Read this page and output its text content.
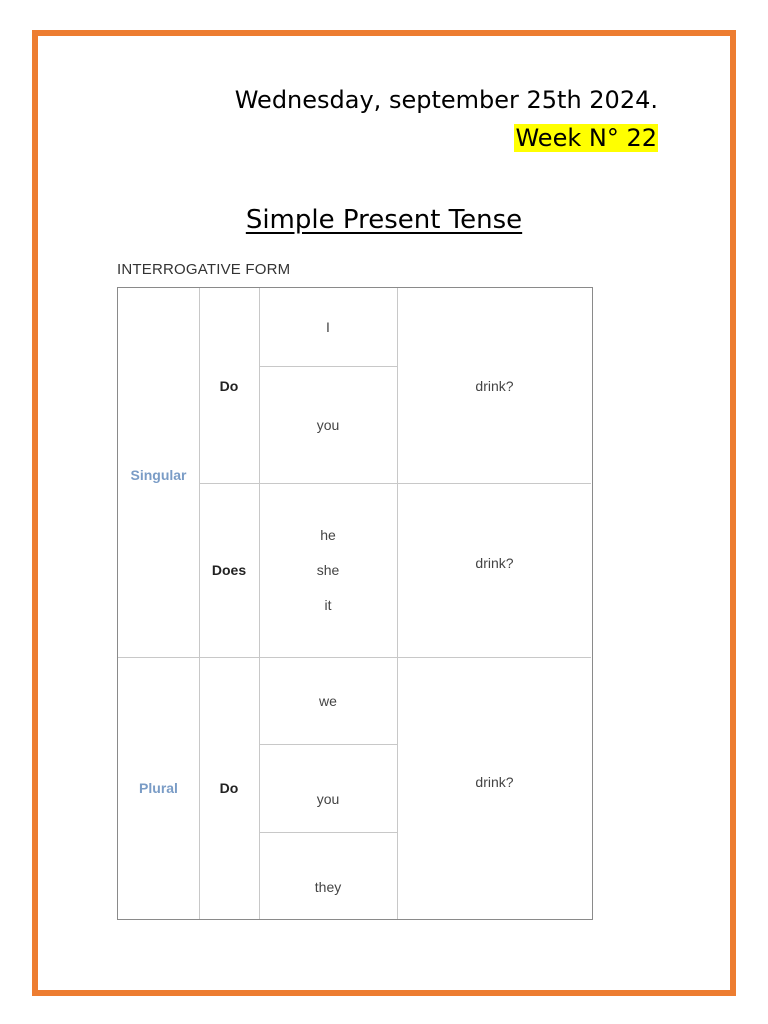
Wednesday, september 25th 2024.
Week N° 22
Simple Present Tense
INTERROGATIVE FORM
Singular
Do
I
you
drink?
Does
he
she
it
drink?
Plural	Do
we
you
they
drink?
